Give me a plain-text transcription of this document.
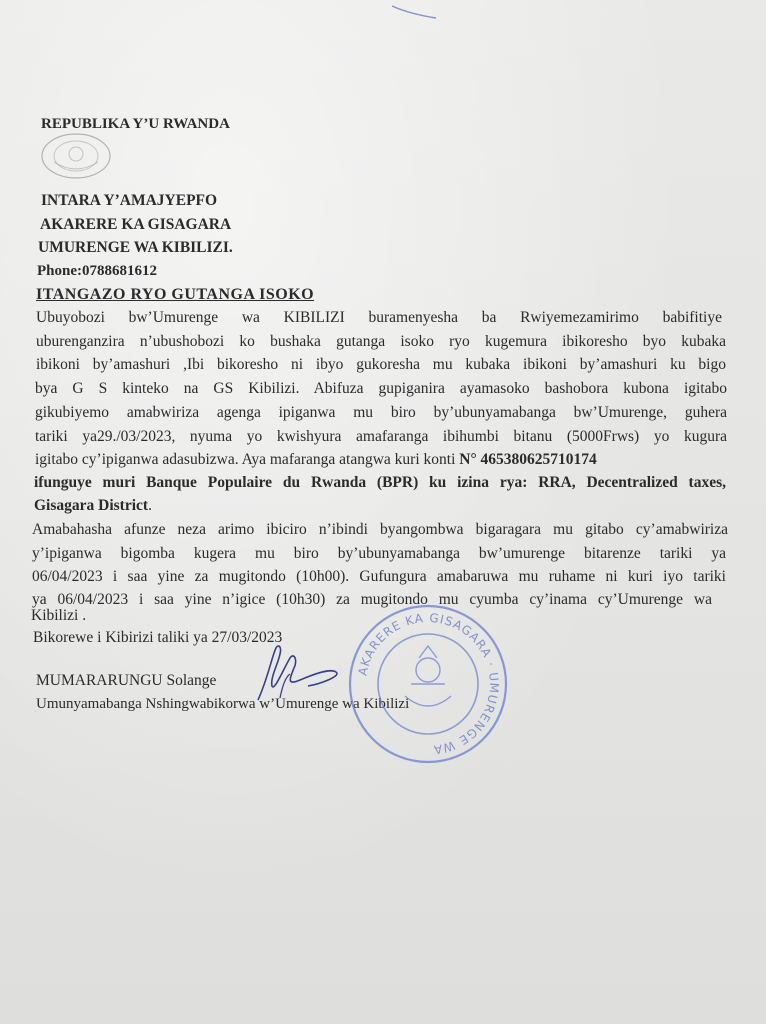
REPUBLIKA Y’U RWANDA
INTARA Y’AMAJYEPFO
AKARERE KA GISAGARA
UMURENGE WA KIBILIZI.
Phone:0788681612
ITANGAZO RYO GUTANGA ISOKO
Ubuyobozi bw’Umurenge wa KIBILIZI buramenyesha ba Rwiyemezamirimo babifitiye
uburenganzira n’ubushobozi ko bushaka gutanga isoko ryo kugemura ibikoresho byo kubaka
ibikoni by’amashuri ,Ibi bikoresho ni ibyo gukoresha mu kubaka ibikoni by’amashuri ku bigo
bya G S kinteko na GS Kibilizi. Abifuza gupiganira ayamasoko bashobora kubona igitabo
gikubiyemo amabwiriza agenga ipiganwa mu biro by’ubunyamabanga bw’Umurenge, guhera
tariki ya29./03/2023, nyuma yo kwishyura amafaranga ibihumbi bitanu (5000Frws) yo kugura
igitabo cy’ipiganwa adasubizwa. Aya mafaranga atangwa kuri konti N° 465380625710174
ifunguye muri Banque Populaire du Rwanda (BPR) ku izina rya: RRA, Decentralized taxes,
Gisagara District.
Amabahasha afunze neza arimo ibiciro n’ibindi byangombwa bigaragara mu gitabo cy’amabwiriza
y’ipiganwa bigomba kugera mu biro by’ubunyamabanga bw’umurenge bitarenze tariki ya
06/04/2023 i saa yine za mugitondo (10h00). Gufungura amabaruwa mu ruhame ni kuri iyo tariki
ya 06/04/2023 i saa yine n’igice (10h30) za mugitondo mu cyumba cy’inama cy’Umurenge wa
Kibilizi .
Bikorewe i Kibirizi taliki ya 27/03/2023
MUMARARUNGU Solange
Umunyamabanga Nshingwabikorwa w’Umurenge wa Kibilizi
AKARERE KA GISAGARA · UMURENGE WA
